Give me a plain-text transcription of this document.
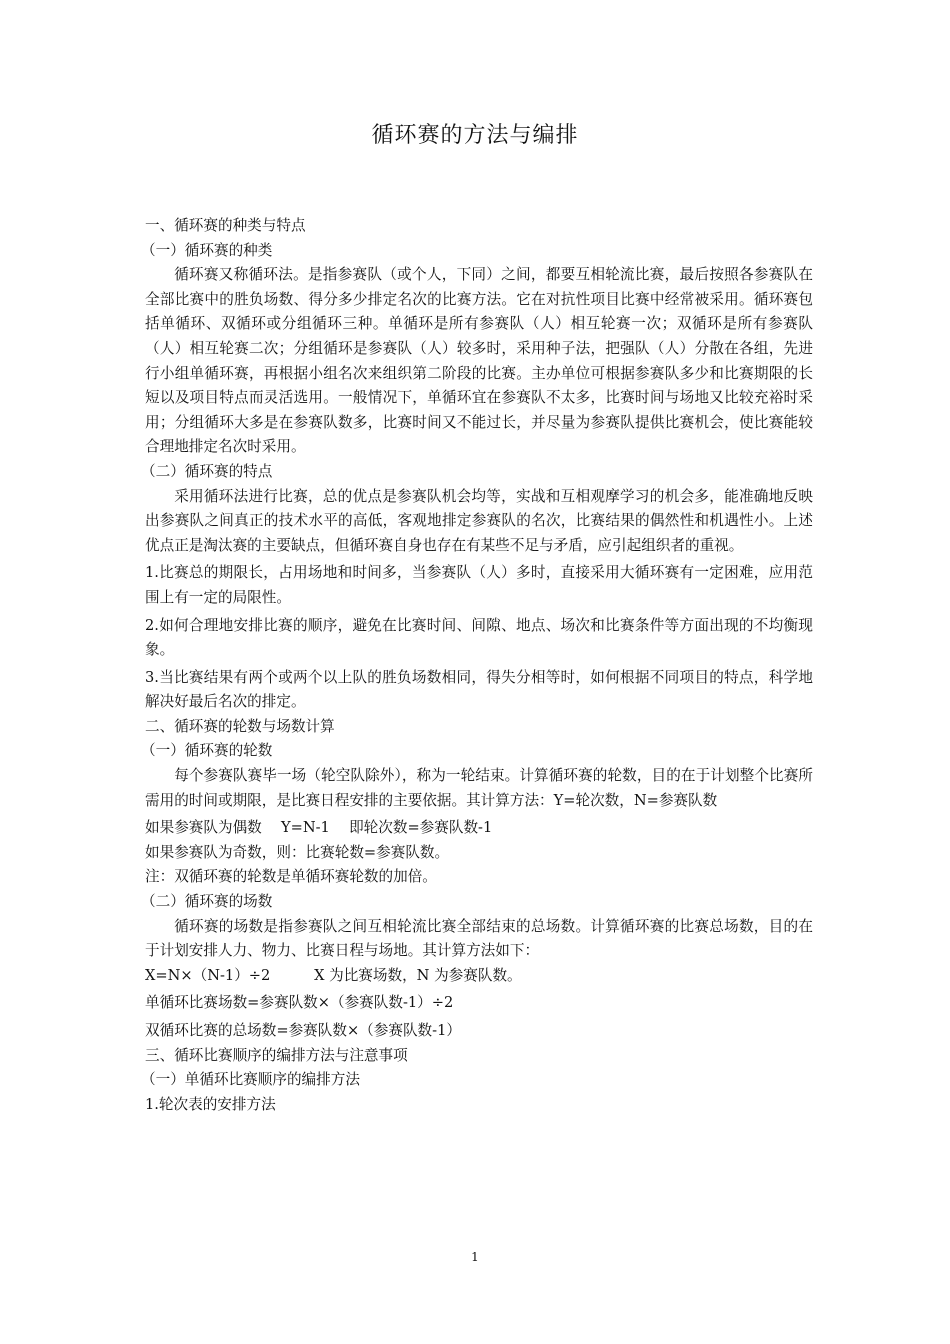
循环赛的方法与编排

一、循环赛的种类与特点

（一）循环赛的种类

循环赛又称循环法。是指参赛队（或个人，下同）之间，都要互相轮流比赛，最后按照各参赛队在全部比赛中的胜负场数、得分多少排定名次的比赛方法。它在对抗性项目比赛中经常被采用。循环赛包括单循环、双循环或分组循环三种。单循环是所有参赛队（人）相互轮赛一次；双循环是所有参赛队（人）相互轮赛二次；分组循环是参赛队（人）较多时，采用种子法，把强队（人）分散在各组，先进行小组单循环赛，再根据小组名次来组织第二阶段的比赛。主办单位可根据参赛队多少和比赛期限的长短以及项目特点而灵活选用。一般情况下，单循环宜在参赛队不太多，比赛时间与场地又比较充裕时采用；分组循环大多是在参赛队数多，比赛时间又不能过长，并尽量为参赛队提供比赛机会，使比赛能较合理地排定名次时采用。

（二）循环赛的特点

采用循环法进行比赛，总的优点是参赛队机会均等，实战和互相观摩学习的机会多，能准确地反映出参赛队之间真正的技术水平的高低，客观地排定参赛队的名次，比赛结果的偶然性和机遇性小。上述优点正是淘汰赛的主要缺点，但循环赛自身也存在有某些不足与矛盾，应引起组织者的重视。

1.比赛总的期限长，占用场地和时间多，当参赛队（人）多时，直接采用大循环赛有一定困难，应用范围上有一定的局限性。

2.如何合理地安排比赛的顺序，避免在比赛时间、间隙、地点、场次和比赛条件等方面出现的不均衡现象。

3.当比赛结果有两个或两个以上队的胜负场数相同，得失分相等时，如何根据不同项目的特点，科学地解决好最后名次的排定。

二、循环赛的轮数与场数计算

（一）循环赛的轮数

每个参赛队赛毕一场（轮空队除外），称为一轮结束。计算循环赛的轮数，目的在于计划整个比赛所需用的时间或期限，是比赛日程安排的主要依据。其计算方法：Y=轮次数，N=参赛队数

如果参赛队为偶数　 Y=N-1　 即轮次数=参赛队数-1

如果参赛队为奇数，则：比赛轮数=参赛队数。

注：双循环赛的轮数是单循环赛轮数的加倍。

（二）循环赛的场数

循环赛的场数是指参赛队之间互相轮流比赛全部结束的总场数。计算循环赛的比赛总场数，目的在于计划安排人力、物力、比赛日程与场地。其计算方法如下：

X=N×（N-1）÷2　　　X 为比赛场数，N 为参赛队数。

单循环比赛场数=参赛队数×（参赛队数-1）÷2

双循环比赛的总场数=参赛队数×（参赛队数-1）

三、循环比赛顺序的编排方法与注意事项

（一）单循环比赛顺序的编排方法

1.轮次表的安排方法

1
